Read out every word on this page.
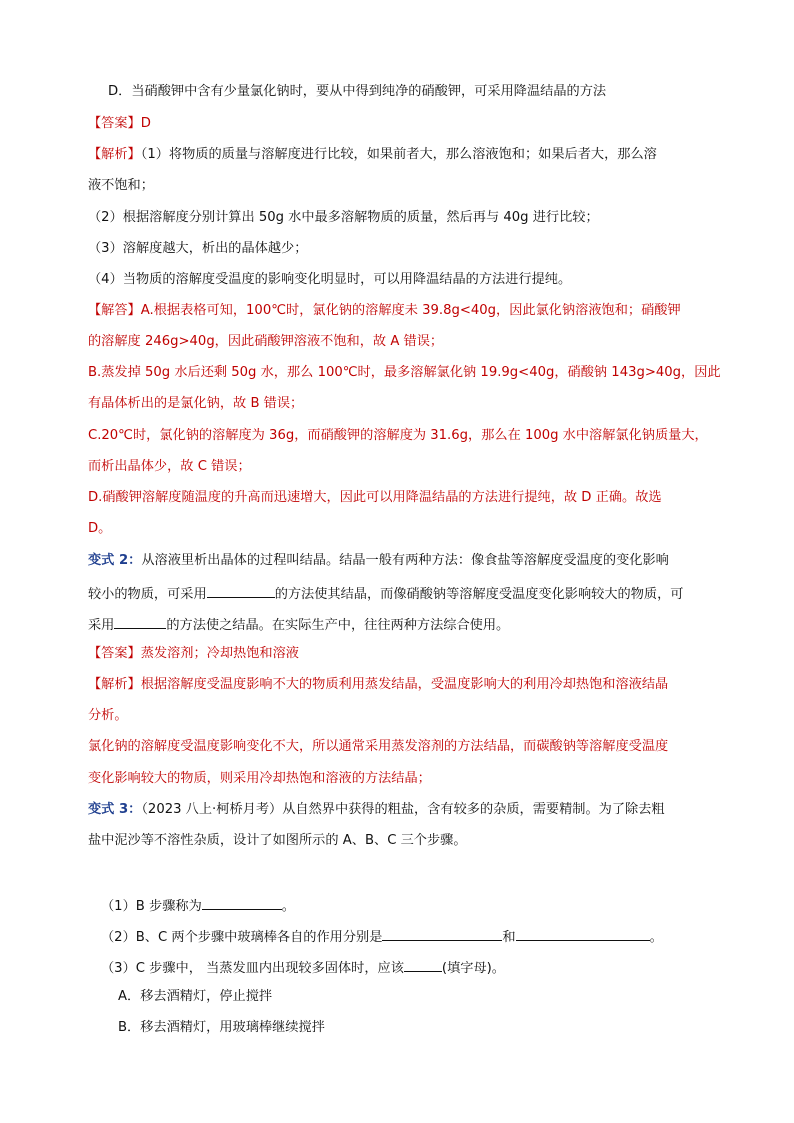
D．当硝酸钾中含有少量氯化钠时，要从中得到纯净的硝酸钾，可采用降温结晶的方法
【答案】D
【解析】（1）将物质的质量与溶解度进行比较，如果前者大，那么溶液饱和；如果后者大，那么溶
液不饱和；
（2）根据溶解度分别计算出 50g 水中最多溶解物质的质量，然后再与 40g 进行比较；
（3）溶解度越大，析出的晶体越少；
（4）当物质的溶解度受温度的影响变化明显时，可以用降温结晶的方法进行提纯。
【解答】A.根据表格可知，100℃时，氯化钠的溶解度未 39.8g<40g，因此氯化钠溶液饱和；硝酸钾
的溶解度 246g>40g，因此硝酸钾溶液不饱和，故 A 错误；
B.蒸发掉 50g 水后还剩 50g 水，那么 100℃时，最多溶解氯化钠 19.9g<40g，硝酸钠 143g>40g，因此
有晶体析出的是氯化钠，故 B 错误；
C.20℃时，氯化钠的溶解度为 36g，而硝酸钾的溶解度为 31.6g，那么在 100g 水中溶解氯化钠质量大，
而析出晶体少，故 C 错误；
D.硝酸钾溶解度随温度的升高而迅速增大，因此可以用降温结晶的方法进行提纯，故 D 正确。故选
D。
变式 2：从溶液里析出晶体的过程叫结晶。结晶一般有两种方法：像食盐等溶解度受温度的变化影响
较小的物质，可采用	的方法使其结晶，而像硝酸钠等溶解度受温度变化影响较大的物质，可
采用	的方法使之结晶。在实际生产中，往往两种方法综合使用。
【答案】蒸发溶剂；冷却热饱和溶液
【解析】根据溶解度受温度影响不大的物质利用蒸发结晶，受温度影响大的利用冷却热饱和溶液结晶
分析。
氯化钠的溶解度受温度影响变化不大，所以通常采用蒸发溶剂的方法结晶，而碳酸钠等溶解度受温度
变化影响较大的物质，则采用冷却热饱和溶液的方法结晶；
变式 3：（2023 八上·柯桥月考）从自然界中获得的粗盐，含有较多的杂质，需要精制。为了除去粗
盐中泥沙等不溶性杂质，设计了如图所示的 A、B、C 三个步骤。
（1）B 步骤称为	。
（2）B、C 两个步骤中玻璃棒各自的作用分别是	和	。
（3）C 步骤中， 当蒸发皿内出现较多固体时，应该	(填字母)。
A．移去酒精灯，停止搅拌
B．移去酒精灯，用玻璃棒继续搅拌
